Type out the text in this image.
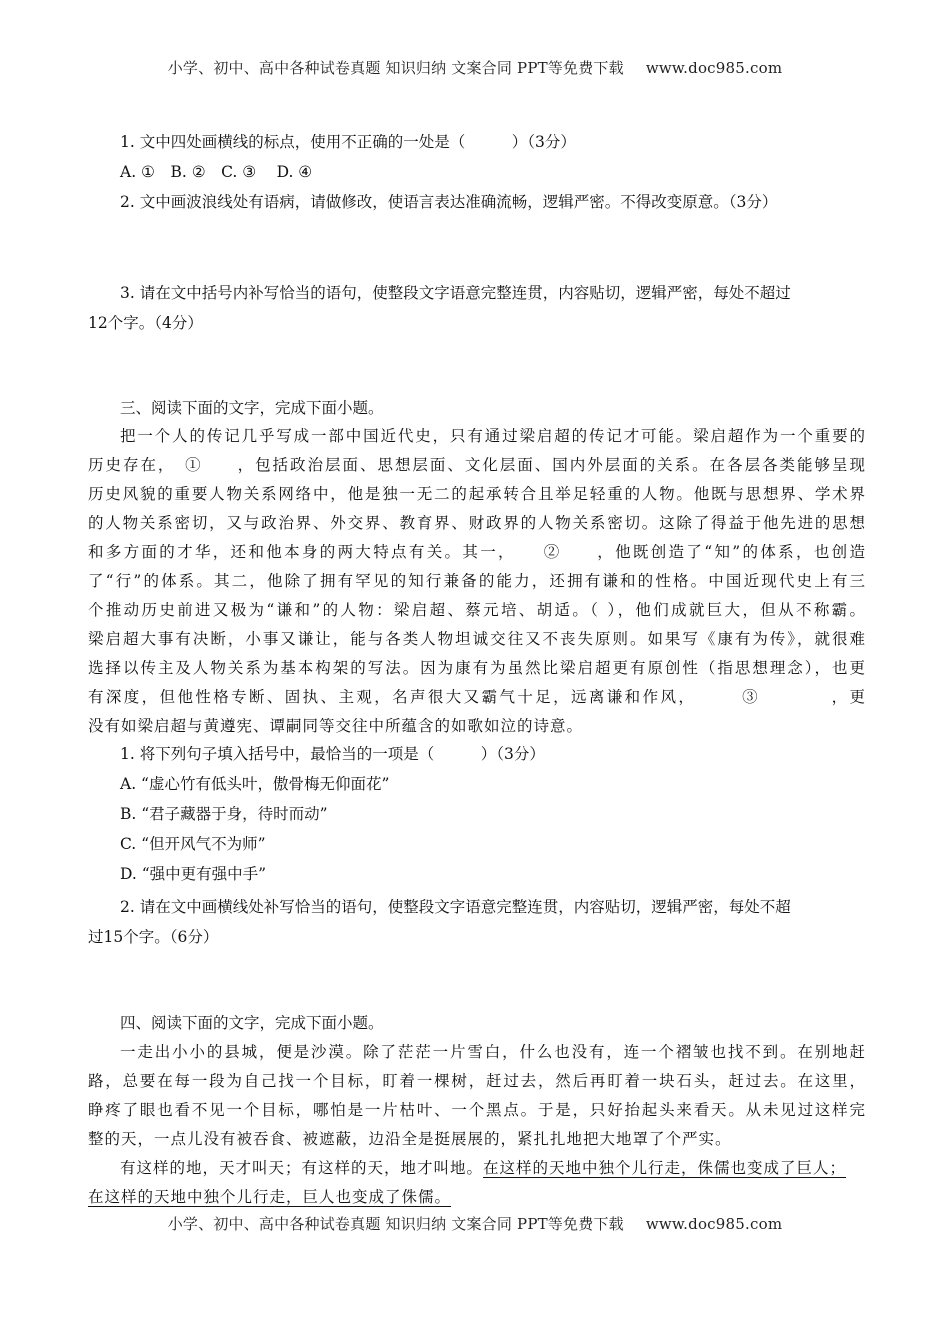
小学、初中、高中各种试卷真题 知识归纳 文案合同 PPT等免费下载 www.doc985.com
1. 文中四处画横线的标点，使用不正确的一处是（　　　）（3分）
A. ①　B. ②　C. ③　 D. ④
2. 文中画波浪线处有语病，请做修改，使语言表达准确流畅，逻辑严密。不得改变原意。（3分）
3. 请在文中括号内补写恰当的语句，使整段文字语意完整连贯，内容贴切，逻辑严密，每处不超过
12个字。（4分）
三、阅读下面的文字，完成下面小题。
把一个人的传记几乎写成一部中国近代史，只有通过梁启超的传记才可能。梁启超作为一个重要的
历史存在，　①　　，包括政治层面、思想层面、文化层面、国内外层面的关系。在各层各类能够呈现
历史风貌的重要人物关系网络中，他是独一无二的起承转合且举足轻重的人物。他既与思想界、学术界
的人物关系密切，又与政治界、外交界、教育界、财政界的人物关系密切。这除了得益于他先进的思想
和多方面的才华，还和他本身的两大特点有关。其一，　　②　　，他既创造了“知”的体系，也创造
了“行”的体系。其二，他除了拥有罕见的知行兼备的能力，还拥有谦和的性格。中国近现代史上有三
个推动历史前进又极为“谦和”的人物：梁启超、蔡元培、胡适。（ ），他们成就巨大，但从不称霸。
梁启超大事有决断，小事又谦让，能与各类人物坦诚交往又不丧失原则。如果写《康有为传》，就很难
选择以传主及人物关系为基本构架的写法。因为康有为虽然比梁启超更有原创性（指思想理念），也更
有深度，但他性格专断、固执、主观，名声很大又霸气十足，远离谦和作风，　　　③　　　　，更
没有如梁启超与黄遵宪、谭嗣同等交往中所蕴含的如歌如泣的诗意。
1. 将下列句子填入括号中，最恰当的一项是（　　　）（3分）
A. “虚心竹有低头叶，傲骨梅无仰面花”
B. “君子藏器于身，待时而动”
C. “但开风气不为师”
D. “强中更有强中手”
2. 请在文中画横线处补写恰当的语句，使整段文字语意完整连贯，内容贴切，逻辑严密，每处不超
过15个字。（6分）
四、阅读下面的文字，完成下面小题。
一走出小小的县城，便是沙漠。除了茫茫一片雪白，什么也没有，连一个褶皱也找不到。在别地赶
路，总要在每一段为自己找一个目标，盯着一棵树，赶过去，然后再盯着一块石头，赶过去。在这里，
睁疼了眼也看不见一个目标，哪怕是一片枯叶、一个黑点。于是，只好抬起头来看天。从未见过这样完
整的天，一点儿没有被吞食、被遮蔽，边沿全是挺展展的，紧扎扎地把大地罩了个严实。
有这样的地，天才叫天；有这样的天，地才叫地。在这样的天地中独个儿行走，侏儒也变成了巨人；
在这样的天地中独个儿行走，巨人也变成了侏儒。
小学、初中、高中各种试卷真题 知识归纳 文案合同 PPT等免费下载 www.doc985.com
